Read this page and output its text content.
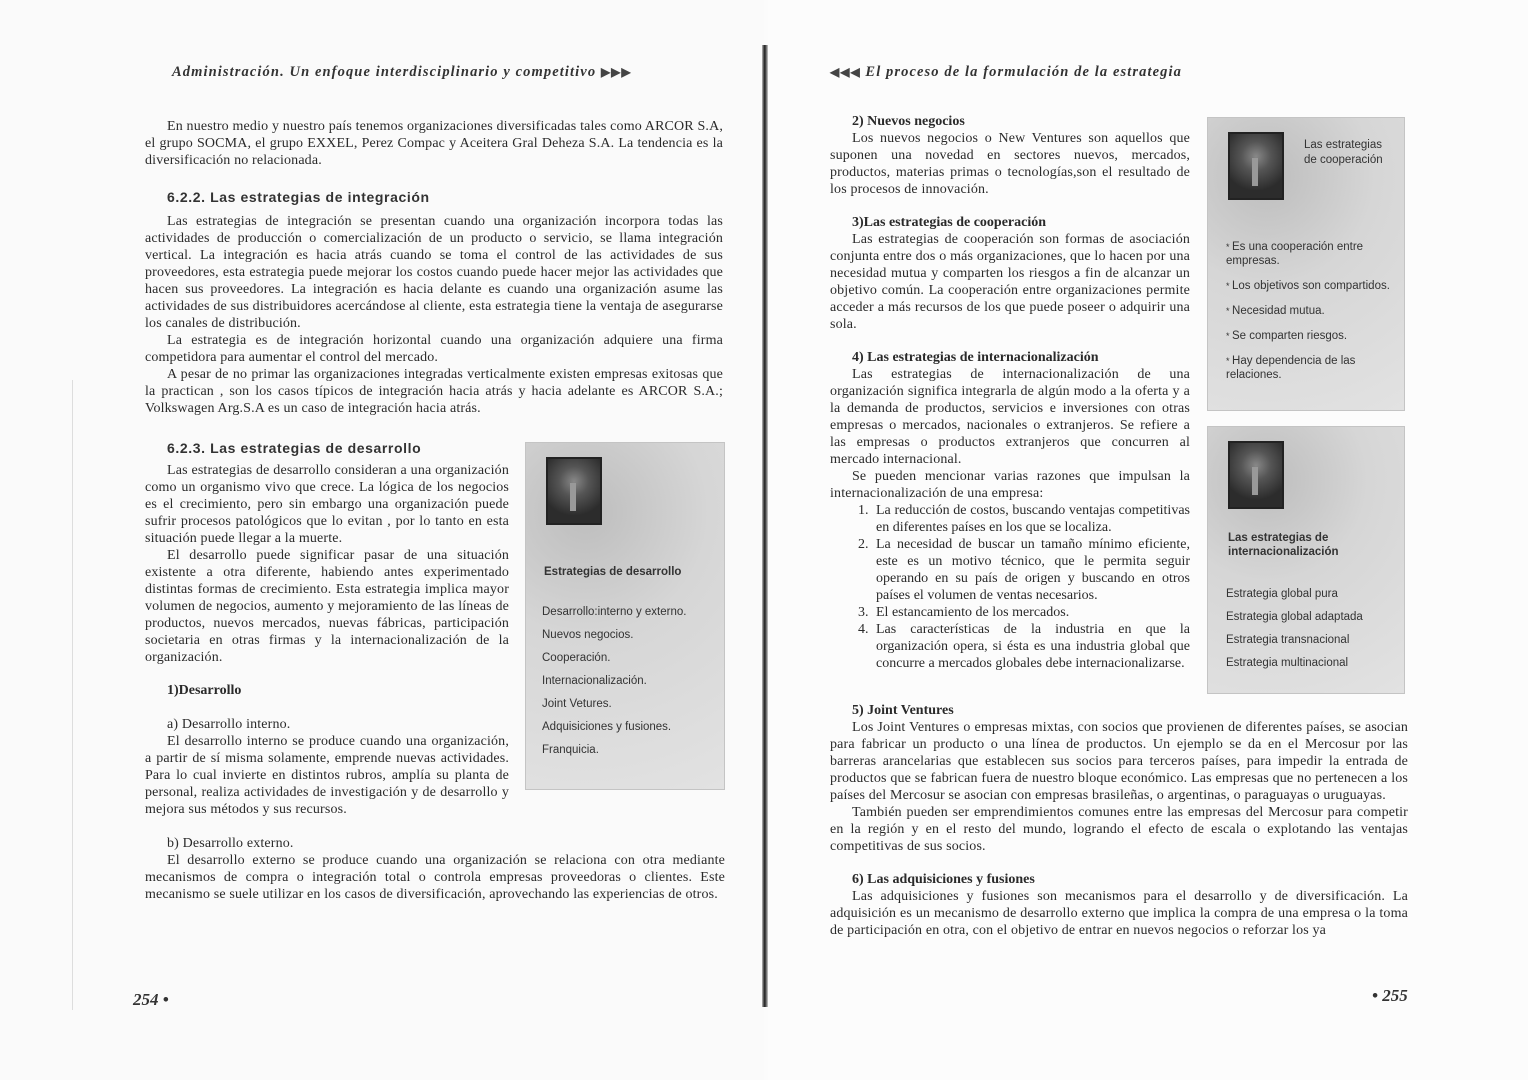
Administración. Un enfoque interdisciplinario y competitivo ▶▶▶

En nuestro medio y nuestro país tenemos organizaciones diversificadas tales como ARCOR S.A, el grupo SOCMA, el grupo EXXEL, Perez Compac y Aceitera Gral Deheza S.A. La tendencia es la diversificación no relacionada.

6.2.2. Las estrategias de integración

Las estrategias de integración se presentan cuando una organización incorpora todas las actividades de producción o comercialización de un producto o servicio, se llama integración vertical. La integración es hacia atrás cuando se toma el control de las actividades de sus proveedores, esta estrategia puede mejorar los costos cuando puede hacer mejor las actividades que hacen sus proveedores. La integración es hacia delante es cuando una organización asume las actividades de sus distribuidores acercándose al cliente, esta estrategia tiene la ventaja de asegurarse los canales de distribución.

La estrategia es de integración horizontal cuando una organización adquiere una firma competidora para aumentar el control del mercado.

A pesar de no primar las organizaciones integradas verticalmente existen empresas exitosas que la practican , son los casos típicos de integración hacia atrás y hacia adelante es ARCOR S.A.; Volkswagen Arg.S.A es un caso de integración hacia atrás.

Estrategias de desarrollo
Desarrollo:interno y externo.
Nuevos negocios.
Cooperación.
Internacionalización.
Joint Vetures.
Adquisiciones y fusiones.
Franquicia.
6.2.3. Las estrategias de desarrollo

Las estrategias de desarrollo consideran a una organización como un organismo vivo que crece. La lógica de los negocios es el crecimiento, pero sin embargo una organización puede sufrir procesos patológicos que lo evitan , por lo tanto en esta situación puede llegar a la muerte.

El desarrollo puede significar pasar de una situación existente a otra diferente, habiendo antes experimentado distintas formas de crecimiento. Esta estrategia implica mayor volumen de negocios, aumento y mejoramiento de las líneas de productos, nuevos mercados, nuevas fábricas, participación societaria en otras firmas y la internacionalización de la organización.

1)Desarrollo

a) Desarrollo interno.

El desarrollo interno se produce cuando una organización, a partir de sí misma solamente, emprende nuevas actividades. Para lo cual invierte en distintos rubros, amplía su planta de personal, realiza actividades de investigación y de desarrollo y mejora sus métodos y sus recursos.

b) Desarrollo externo.

El desarrollo externo se produce cuando una organización se relaciona con otra mediante mecanismos de compra o integración total o controla empresas proveedoras o clientes. Este mecanismo se suele utilizar en los casos de diversificación, aprovechando las experiencias de otros.

254 •
◀◀◀ El proceso de la formulación de la estrategia
Las estrategias de cooperación
* Es una cooperación entre empresas.
* Los objetivos son compartidos.
* Necesidad mutua.
* Se comparten riesgos.
* Hay dependencia de las relaciones.
Las estrategias de internacionalización
Estrategia global pura
Estrategia global adaptada
Estrategia transnacional
Estrategia multinacional
2) Nuevos negocios

Los nuevos negocios o New Ventures son aquellos que suponen una novedad en sectores nuevos, mercados, productos, materias primas o tecnologías,son el resultado de los procesos de innovación.

3)Las estrategias de cooperación

Las estrategias de cooperación son formas de asociación conjunta entre dos o más organizaciones, que lo hacen por una necesidad mutua y comparten los riesgos a fin de alcanzar un objetivo común. La cooperación entre organizaciones permite acceder a más recursos de los que puede poseer o adquirir una sola.

4) Las estrategias de internacionalización

Las estrategias de internacionalización de una organización significa integrarla de algún modo a la oferta y a la demanda de productos, servicios e inversiones con otras empresas o mercados, nacionales o extranjeros. Se refiere a las empresas o productos extranjeros que concurren al mercado internacional.

Se pueden mencionar varias razones que impulsan la internacionalización de una empresa:

1. La reducción de costos, buscando ventajas competitivas en diferentes países en los que se localiza.
2. La necesidad de buscar un tamaño mínimo eficiente, este es un motivo técnico, que le permita seguir operando en su país de origen y buscando en otros países el volumen de ventas necesarios.
3. El estancamiento de los mercados.
4. Las características de la industria en que la organización opera, si ésta es una industria global que concurre a mercados globales debe internacionalizarse.
5) Joint Ventures

Los Joint Ventures o empresas mixtas, con socios que provienen de diferentes países, se asocian para fabricar un producto o una línea de productos. Un ejemplo se da en el Mercosur por las barreras arancelarias que establecen sus socios para terceros países, para impedir la entrada de productos que se fabrican fuera de nuestro bloque económico. Las empresas que no pertenecen a los países del Mercosur se asocian con empresas brasileñas, o argentinas, o paraguayas o uruguayas.

También pueden ser emprendimientos comunes entre las empresas del Mercosur para competir en la región y en el resto del mundo, logrando el efecto de escala o explotando las ventajas competitivas de sus socios.

6) Las adquisiciones y fusiones

Las adquisiciones y fusiones son mecanismos para el desarrollo y de diversificación. La adquisición es un mecanismo de desarrollo externo que implica la compra de una empresa o la toma de participación en otra, con el objetivo de entrar en nuevos negocios o reforzar los ya

• 255
